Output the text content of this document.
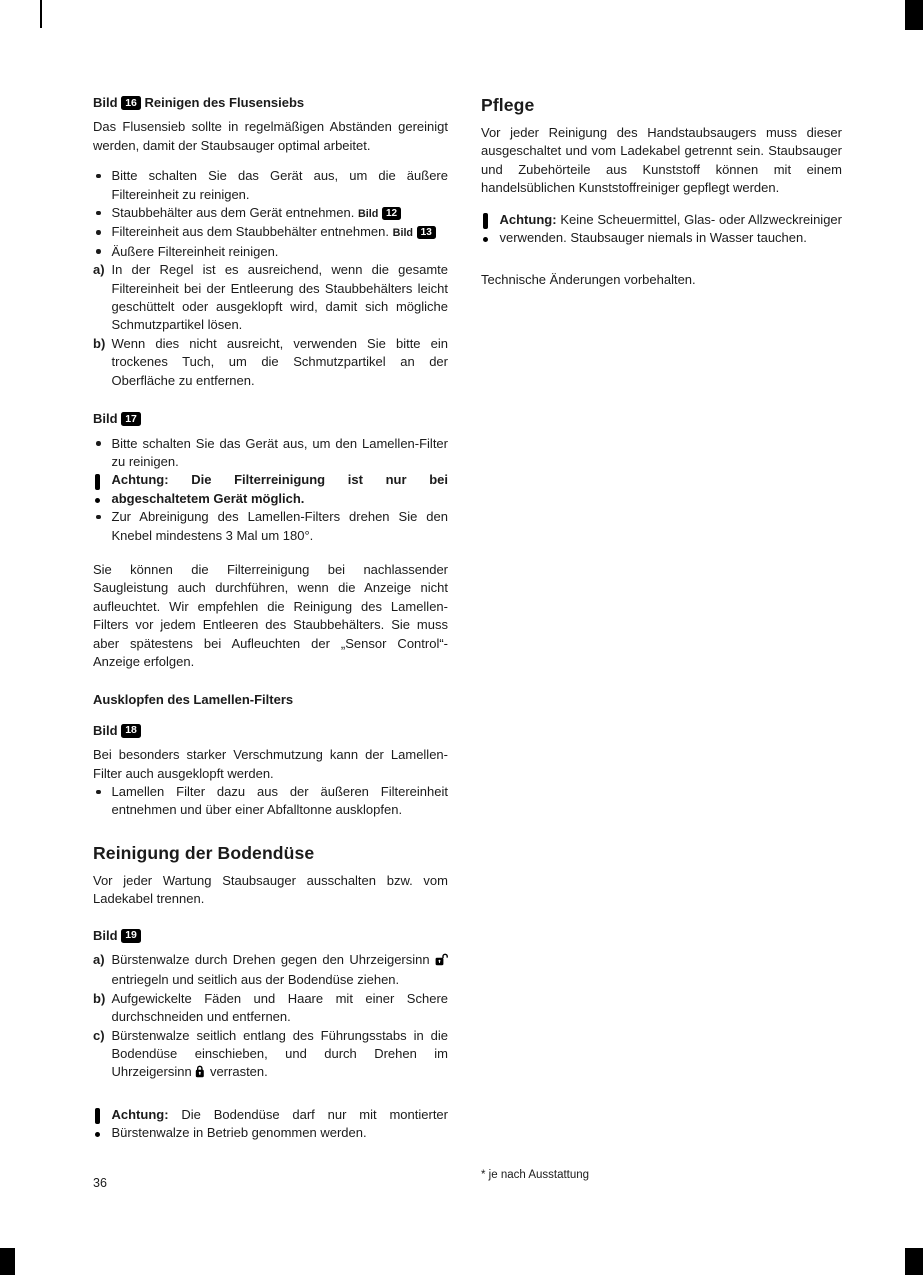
Bild 16 Reinigen des Flusensiebs

Das Flusensieb sollte in regelmäßigen Abständen gereinigt werden, damit der Staubsauger optimal arbeitet.

Bitte schalten Sie das Gerät aus, um die äußere Filtereinheit zu reinigen.
Staubbehälter aus dem Gerät entnehmen. Bild 12
Filtereinheit aus dem Staubbehälter entnehmen. Bild 13
Äußere Filtereinheit reinigen.
a) In der Regel ist es ausreichend, wenn die gesamte Filtereinheit bei der Entleerung des Staubbehälters leicht geschüttelt oder ausgeklopft wird, damit sich mögliche Schmutzpartikel lösen.
b) Wenn dies nicht ausreicht, verwenden Sie bitte ein trockenes Tuch, um die Schmutzpartikel an der Oberfläche zu entfernen.
Bild 17
Bitte schalten Sie das Gerät aus, um den Lamellen-Filter zu reinigen.
Achtung: Die Filterreinigung ist nur bei abgeschaltetem Gerät möglich.
Zur Abreinigung des Lamellen-Filters drehen Sie den Knebel mindestens 3 Mal um 180°.

Sie können die Filterreinigung bei nachlassender Saugleistung auch durchführen, wenn die Anzeige nicht aufleuchtet. Wir empfehlen die Reinigung des Lamellen-Filters vor jedem Entleeren des Staubbehälters. Sie muss aber spätestens bei Aufleuchten der „Sensor Control“-Anzeige erfolgen.

Ausklopfen des Lamellen-Filters
Bild 18

Bei besonders starker Verschmutzung kann der Lamellen-Filter auch ausgeklopft werden.

Lamellen Filter dazu aus der äußeren Filtereinheit entnehmen und über einer Abfalltonne ausklopfen.
Reinigung der Bodendüse

Vor jeder Wartung Staubsauger ausschalten bzw. vom Ladekabel trennen.

Bild 19
a) Bürstenwalze durch Drehen gegen den Uhrzeigersinn  entriegeln und seitlich aus der Bodendüse ziehen.
b) Aufgewickelte Fäden und Haare mit einer Schere durchschneiden und entfernen.
c) Bürstenwalze seitlich entlang des Führungsstabs in die Bodendüse einschieben, und durch Drehen im Uhrzeigersinn verrasten.
Achtung: Die Bodendüse darf nur mit montierter Bürstenwalze in Betrieb genommen werden.
Pflege

Vor jeder Reinigung des Handstaubsaugers muss dieser ausgeschaltet und vom Ladekabel getrennt sein. Staubsauger und Zubehörteile aus Kunststoff können mit einem handelsüblichen Kunststoffreiniger gepflegt werden.

Achtung: Keine Scheuermittel, Glas- oder Allzweckreiniger verwenden. Staubsauger niemals in Wasser tauchen.

Technische Änderungen vorbehalten.

36
* je nach Ausstattung
